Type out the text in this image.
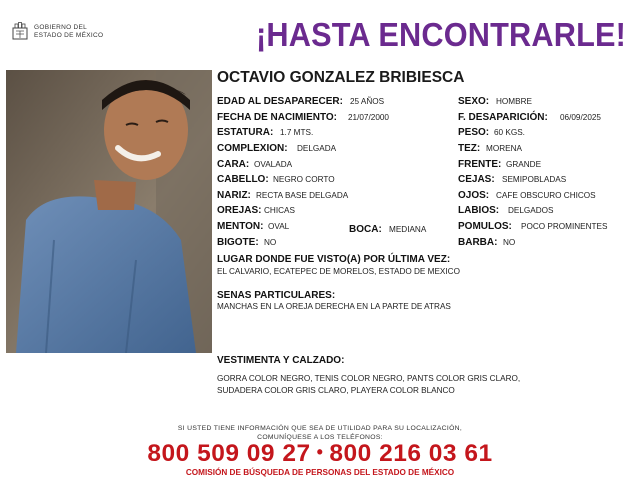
GOBIERNO DEL
ESTADO DE MÉXICO	¡HASTA ENCONTRARLE!
OCTAVIO GONZALEZ BRIBIESCA
EDAD AL DESAPARECER: 25 AÑOS
FECHA DE NACIMIENTO: 21/07/2000
ESTATURA: 1.7 MTS.
COMPLEXION: DELGADA
CARA: OVALADA
CABELLO: NEGRO CORTO
NARIZ: RECTA BASE DELGADA
OREJAS: CHICAS
MENTON: OVAL	BOCA: MEDIANA
BIGOTE: NO
SEXO: HOMBRE
F. DESAPARICIÓN: 06/09/2025
PESO: 60 KGS.
TEZ: MORENA
FRENTE: GRANDE
CEJAS: SEMIPOBLADAS
OJOS: CAFE OBSCURO CHICOS
LABIOS: DELGADOS
POMULOS: POCO PROMINENTES
BARBA: NO
LUGAR DONDE FUE VISTO(A) POR ÚLTIMA VEZ:
EL CALVARIO, ECATEPEC DE MORELOS, ESTADO DE MEXICO
SENAS PARTICULARES:
MANCHAS EN LA OREJA DERECHA EN LA PARTE DE ATRAS
VESTIMENTA Y CALZADO:
GORRA COLOR NEGRO, TENIS COLOR NEGRO, PANTS COLOR GRIS CLARO,
SUDADERA COLOR GRIS CLARO, PLAYERA COLOR BLANCO
SI USTED TIENE INFORMACIÓN QUE SEA DE UTILIDAD PARA SU LOCALIZACIÓN,
COMUNÍQUESE A LOS TELÉFONOS:
800 509 09 27 • 800 216 03 61
COMISIÓN DE BÚSQUEDA DE PERSONAS DEL ESTADO DE MÉXICO
